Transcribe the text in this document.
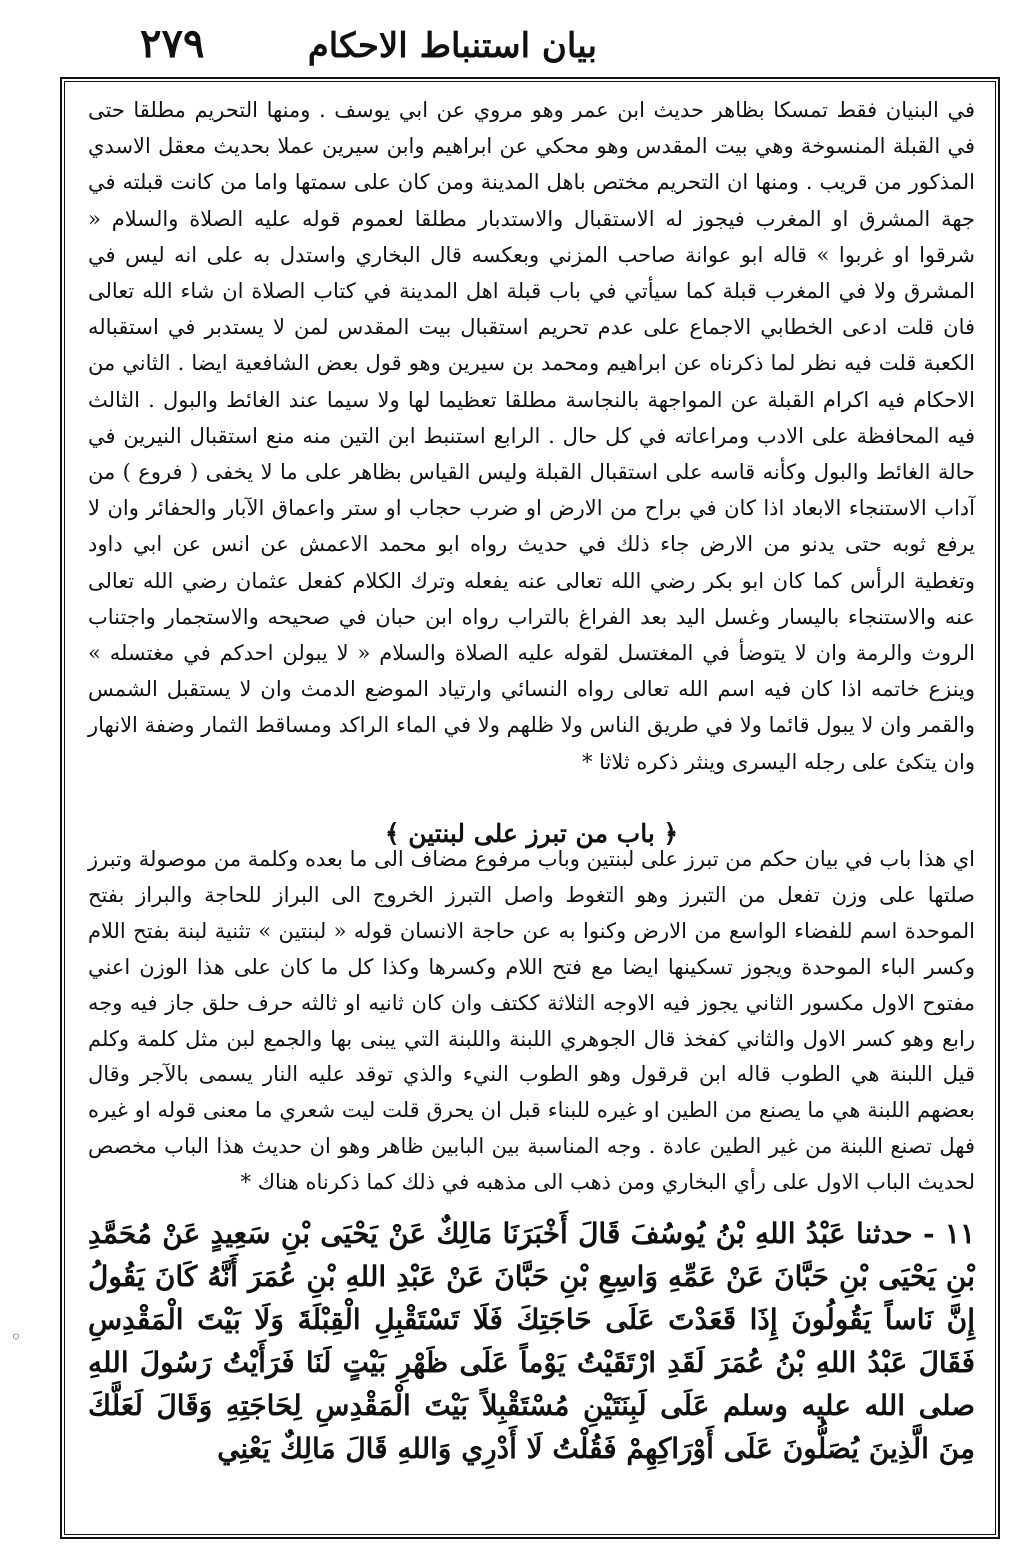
بيان استنباط الاحكام
٢٧٩

في البنيان فقط تمسكا بظاهر حديث ابن عمر وهو مروي عن ابي يوسف . ومنها التحريم مطلقا حتى في القبلة المنسوخة وهي بيت المقدس وهو محكي عن ابراهيم وابن سيرين عملا بحديث معقل الاسدي المذكور من قريب . ومنها ان التحريم مختص باهل المدينة ومن كان على سمتها واما من كانت قبلته في جهة المشرق او المغرب فيجوز له الاستقبال والاستدبار مطلقا لعموم قوله عليه الصلاة والسلام « شرقوا او غربوا » قاله ابو عوانة صاحب المزني وبعكسه قال البخاري واستدل به على انه ليس في المشرق ولا في المغرب قبلة كما سيأتي في باب قبلة اهل المدينة في كتاب الصلاة ان شاء الله تعالى فان قلت ادعى الخطابي الاجماع على عدم تحريم استقبال بيت المقدس لمن لا يستدبر في استقباله الكعبة قلت فيه نظر لما ذكرناه عن ابراهيم ومحمد بن سيرين وهو قول بعض الشافعية ايضا . الثاني من الاحكام فيه اكرام القبلة عن المواجهة بالنجاسة مطلقا تعظيما لها ولا سيما عند الغائط والبول . الثالث فيه المحافظة على الادب ومراعاته في كل حال . الرابع استنبط ابن التين منه منع استقبال النيرين في حالة الغائط والبول وكأنه قاسه على استقبال القبلة وليس القياس بظاهر على ما لا يخفى ( فروع ) من آداب الاستنجاء الابعاد اذا كان في براح من الارض او ضرب حجاب او ستر واعماق الآبار والحفائر وان لا يرفع ثوبه حتى يدنو من الارض جاء ذلك في حديث رواه ابو محمد الاعمش عن انس عن ابي داود وتغطية الرأس كما كان ابو بكر رضي الله تعالى عنه يفعله وترك الكلام كفعل عثمان رضي الله تعالى عنه والاستنجاء باليسار وغسل اليد بعد الفراغ بالتراب رواه ابن حبان في صحيحه والاستجمار واجتناب الروث والرمة وان لا يتوضأ في المغتسل لقوله عليه الصلاة والسلام « لا يبولن احدكم في مغتسله » وينزع خاتمه اذا كان فيه اسم الله تعالى رواه النسائي وارتياد الموضع الدمث وان لا يستقبل الشمس والقمر وان لا يبول قائما ولا في طريق الناس ولا ظلهم ولا في الماء الراكد ومساقط الثمار وضفة الانهار وان يتكئ على رجله اليسرى وينثر ذكره ثلاثا *

﴿ باب من تبرز على لبنتين ﴾

اي هذا باب في بيان حكم من تبرز على لبنتين وباب مرفوع مضاف الى ما بعده وكلمة من موصولة وتبرز صلتها على وزن تفعل من التبرز وهو التغوط واصل التبرز الخروج الى البراز للحاجة والبراز بفتح الموحدة اسم للفضاء الواسع من الارض وكنوا به عن حاجة الانسان قوله « لبنتين » تثنية لبنة بفتح اللام وكسر الباء الموحدة ويجوز تسكينها ايضا مع فتح اللام وكسرها وكذا كل ما كان على هذا الوزن اعني مفتوح الاول مكسور الثاني يجوز فيه الاوجه الثلاثة ككتف وان كان ثانيه او ثالثه حرف حلق جاز فيه وجه رابع وهو كسر الاول والثاني كفخذ قال الجوهري اللبنة واللبنة التي يبنى بها والجمع لبن مثل كلمة وكلم قيل اللبنة هي الطوب قاله ابن قرقول وهو الطوب النيء والذي توقد عليه النار يسمى بالآجر وقال بعضهم اللبنة هي ما يصنع من الطين او غيره للبناء قبل ان يحرق قلت ليت شعري ما معنى قوله او غيره فهل تصنع اللبنة من غير الطين عادة . وجه المناسبة بين البابين ظاهر وهو ان حديث هذا الباب مخصص لحديث الباب الاول على رأي البخاري ومن ذهب الى مذهبه في ذلك كما ذكرناه هناك *

١١ - حدثنا عَبْدُ اللهِ بْنُ يُوسُفَ قَالَ أَخْبَرَنَا مَالِكٌ عَنْ يَحْيَى بْنِ سَعِيدٍ عَنْ مُحَمَّدِ بْنِ يَحْيَى بْنِ حَبَّانَ عَنْ عَمِّهِ وَاسِعِ بْنِ حَبَّانَ عَنْ عَبْدِ اللهِ بْنِ عُمَرَ أَنَّهُ كَانَ يَقُولُ إِنَّ نَاساً يَقُولُونَ إِذَا قَعَدْتَ عَلَى حَاجَتِكَ فَلَا تَسْتَقْبِلِ الْقِبْلَةَ وَلَا بَيْتَ الْمَقْدِسِ فَقَالَ عَبْدُ اللهِ بْنُ عُمَرَ لَقَدِ ارْتَقَيْتُ يَوْماً عَلَى ظَهْرِ بَيْتٍ لَنَا فَرَأَيْتُ رَسُولَ اللهِ صلى الله عليه وسلم عَلَى لَبِنَتَيْنِ مُسْتَقْبِلاً بَيْتَ الْمَقْدِسِ لِحَاجَتِهِ وَقَالَ لَعَلَّكَ مِنَ الَّذِينَ يُصَلُّونَ عَلَى أَوْرَاكِهِمْ فَقُلْتُ لَا أَدْرِي وَاللهِ قَالَ مَالِكٌ يَعْنِي

◦
